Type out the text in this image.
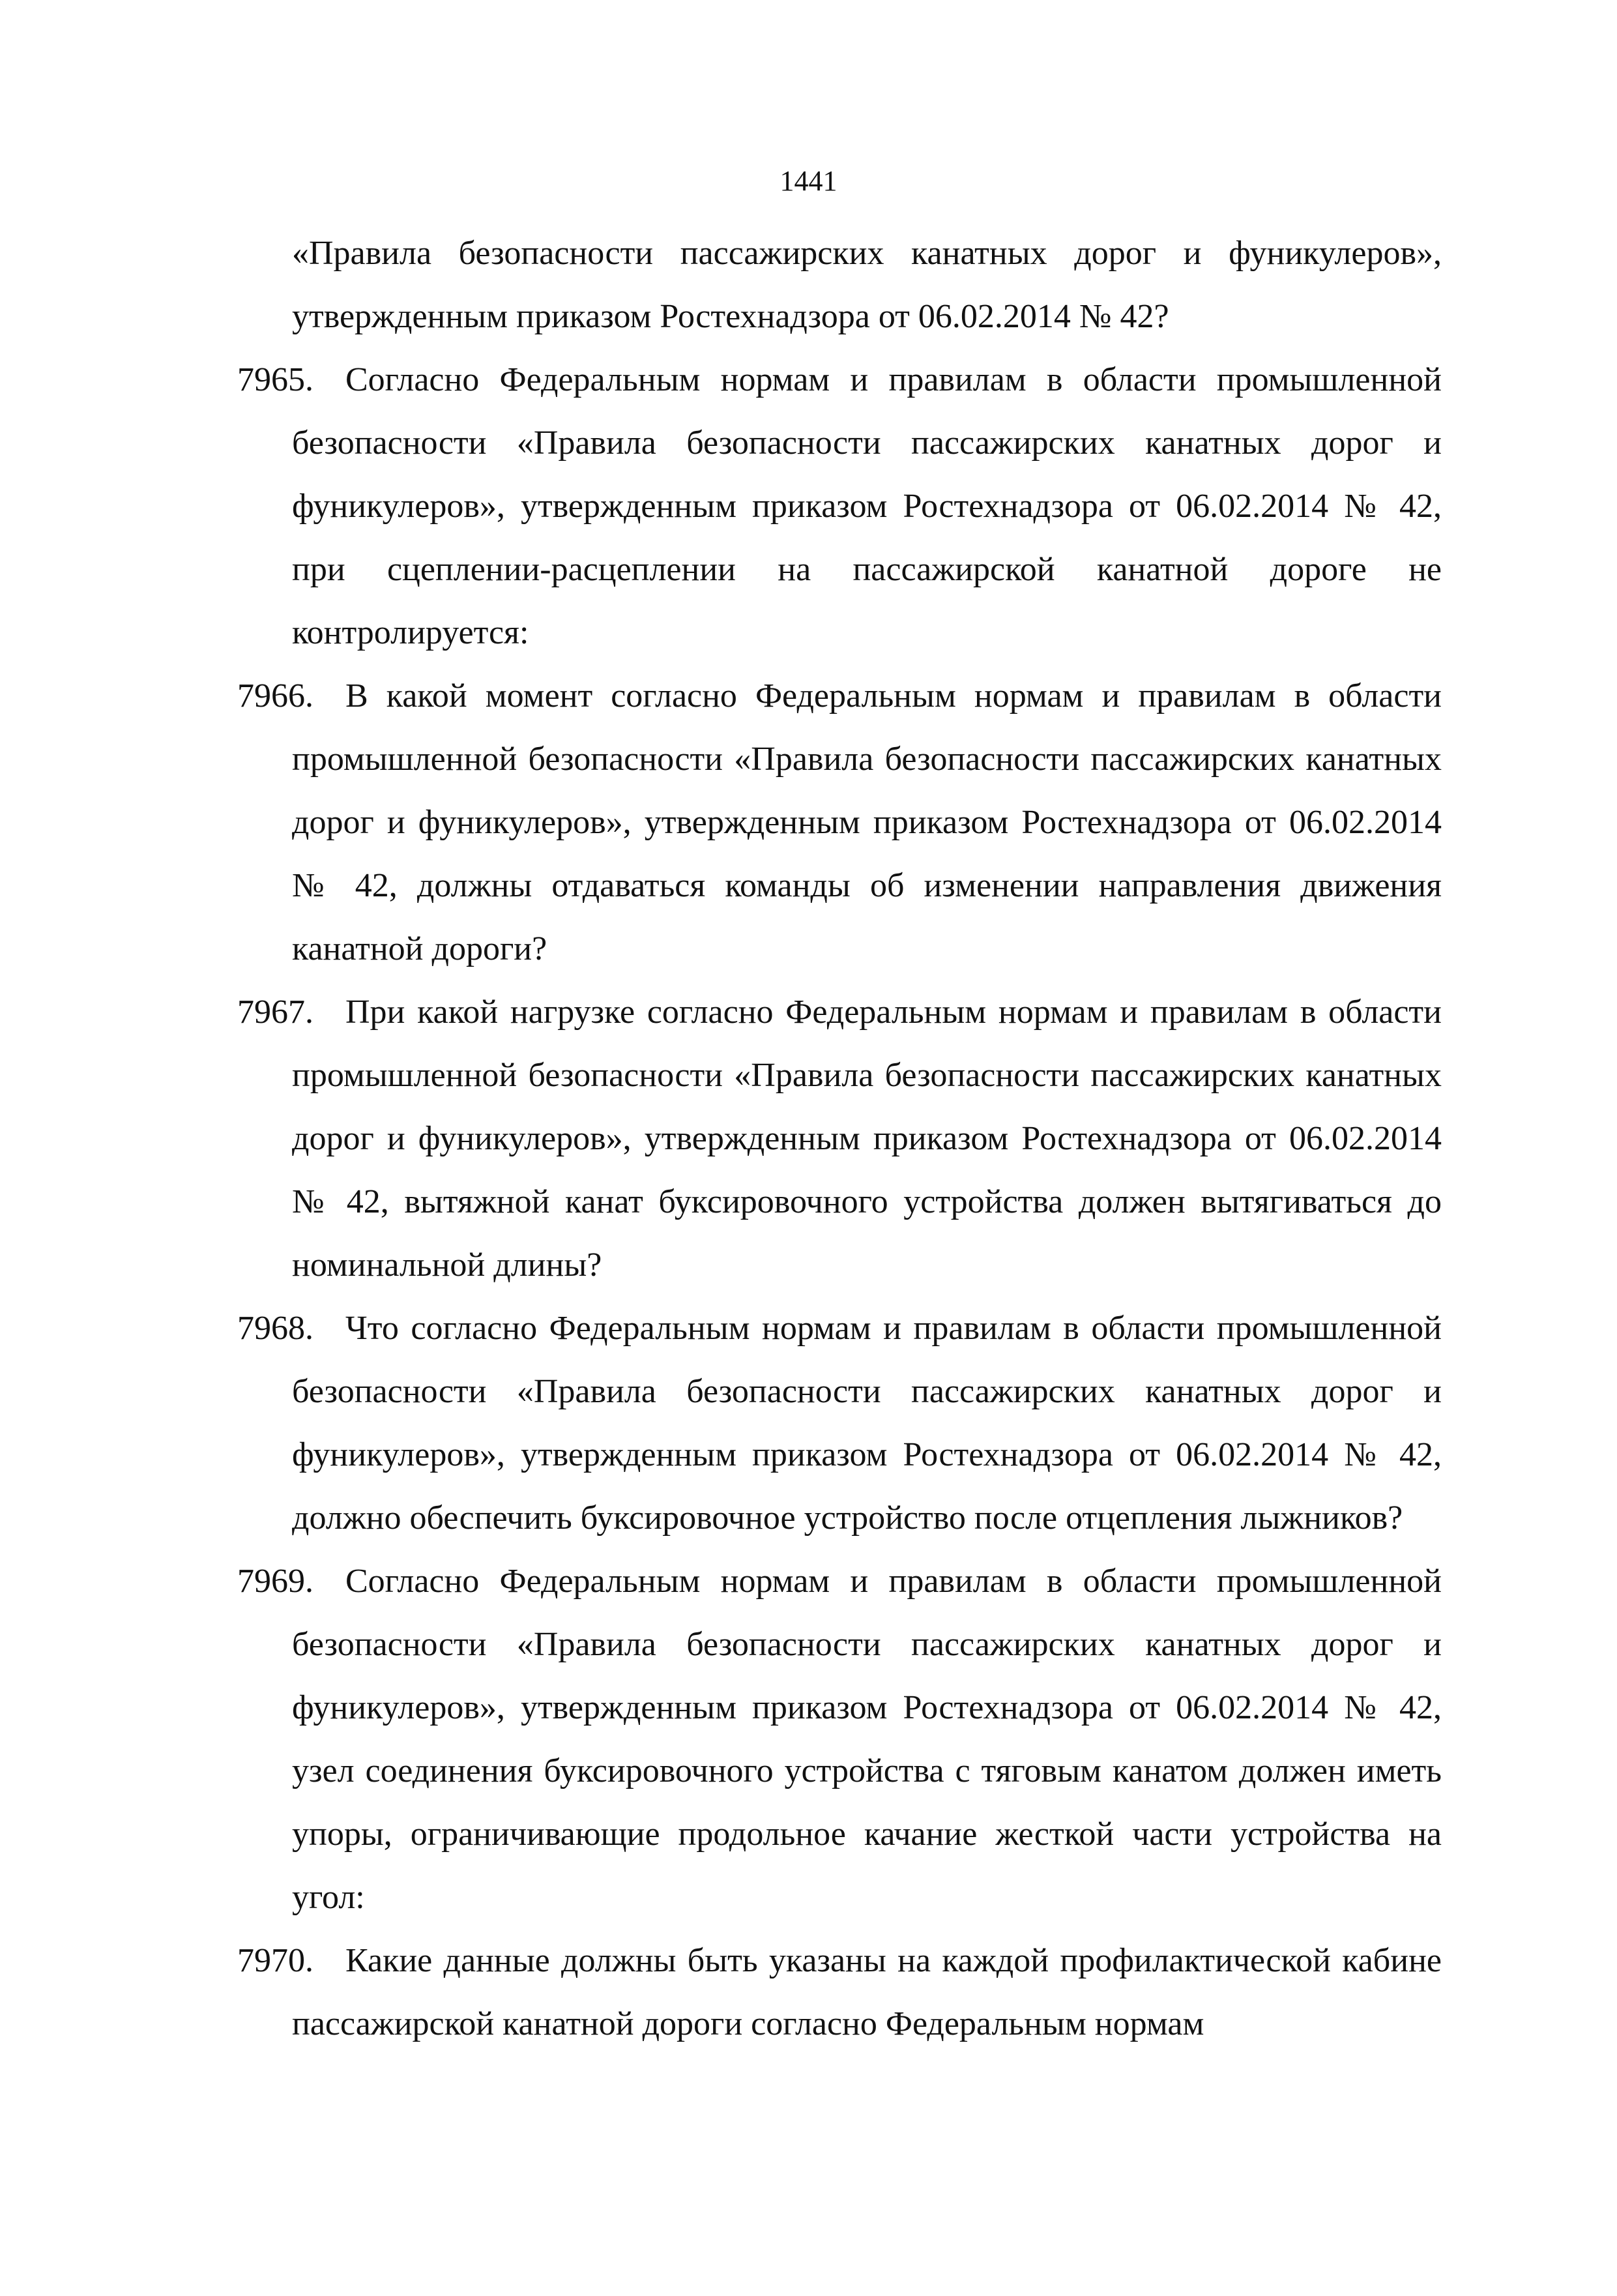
1441
«Правила безопасности пассажирских канатных дорог и фуникулеров», утвержденным приказом Ростехнадзора от 06.02.2014 № 42?
7965. Согласно Федеральным нормам и правилам в области промышленной безопасности «Правила безопасности пассажирских канатных дорог и фуникулеров», утвержденным приказом Ростехнадзора от 06.02.2014 № 42, при сцеплении-расцеплении на пассажирской канатной дороге не контролируется:
7966. В какой момент согласно Федеральным нормам и правилам в области промышленной безопасности «Правила безопасности пассажирских канатных дорог и фуникулеров», утвержденным приказом Ростехнадзора от 06.02.2014 № 42, должны отдаваться команды об изменении направления движения канатной дороги?
7967. При какой нагрузке согласно Федеральным нормам и правилам в области промышленной безопасности «Правила безопасности пассажирских канатных дорог и фуникулеров», утвержденным приказом Ростехнадзора от 06.02.2014 № 42, вытяжной канат буксировочного устройства должен вытягиваться до номинальной длины?
7968. Что согласно Федеральным нормам и правилам в области промышленной безопасности «Правила безопасности пассажирских канатных дорог и фуникулеров», утвержденным приказом Ростехнадзора от 06.02.2014 № 42, должно обеспечить буксировочное устройство после отцепления лыжников?
7969. Согласно Федеральным нормам и правилам в области промышленной безопасности «Правила безопасности пассажирских канатных дорог и фуникулеров», утвержденным приказом Ростехнадзора от 06.02.2014 № 42, узел соединения буксировочного устройства с тяговым канатом должен иметь упоры, ограничивающие продольное качание жесткой части устройства на угол:
7970. Какие данные должны быть указаны на каждой профилактической кабине пассажирской канатной дороги согласно Федеральным нормам
